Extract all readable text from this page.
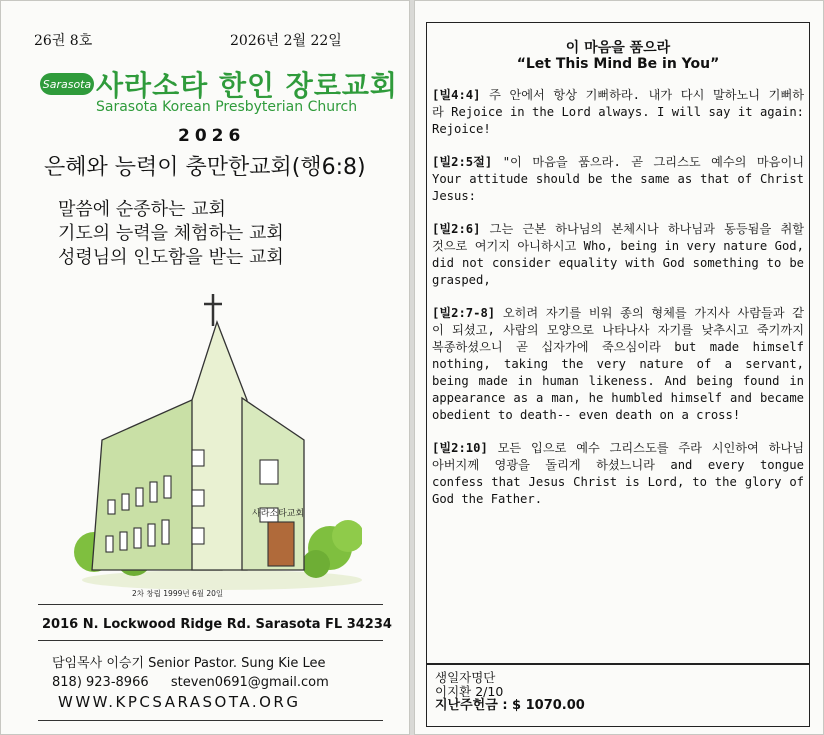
26권 8호	2026년 2월 22일
Sarasota 사라소타 한인 장로교회
Sarasota Korean Presbyterian Church
2026
은혜와 능력이 충만한교회(행6:8)
말씀에 순종하는 교회
기도의 능력을 체험하는 교회
성령님의 인도함을 받는 교회
사라소타교회
2차 창립 1999년 6월 20일
2016 N. Lockwood Ridge Rd. Sarasota FL 34234
담임목사 이승기 Senior Pastor. Sung Kie Lee
818) 923-8966 steven0691@gmail.com
WWW.KPCSARASOTA.ORG
이 마음을 품으라
“Let This Mind Be in You”

[빌4:4] 주 안에서 항상 기뻐하라. 내가 다시 말하노니 기뻐하라 Rejoice in the Lord always. I will say it again: Rejoice!

[빌2:5절] "이 마음을 품으라. 곧 그리스도 예수의 마음이니 Your attitude should be the same as that of Christ Jesus:

[빌2:6] 그는 근본 하나님의 본체시나 하나님과 동등됨을 취할 것으로 여기지 아니하시고 Who, being in very nature God, did not consider equality with God something to be grasped,

[빌2:7-8] 오히려 자기를 비워 종의 형체를 가지사 사람들과 같이 되셨고, 사람의 모양으로 나타나사 자기를 낮추시고 죽기까지 복종하셨으니 곧 십자가에 죽으심이라 but made himself nothing, taking the very nature of a servant, being made in human likeness. And being found in appearance as a man, he humbled himself and became obedient to death-- even death on a cross!

[빌2:10] 모든 입으로 예수 그리스도를 주라 시인하여 하나님 아버지께 영광을 돌리게 하셨느니라 and every tongue confess that Jesus Christ is Lord, to the glory of God the Father.

생일자명단
이지환 2/10
지난주헌금 : $ 1070.00
